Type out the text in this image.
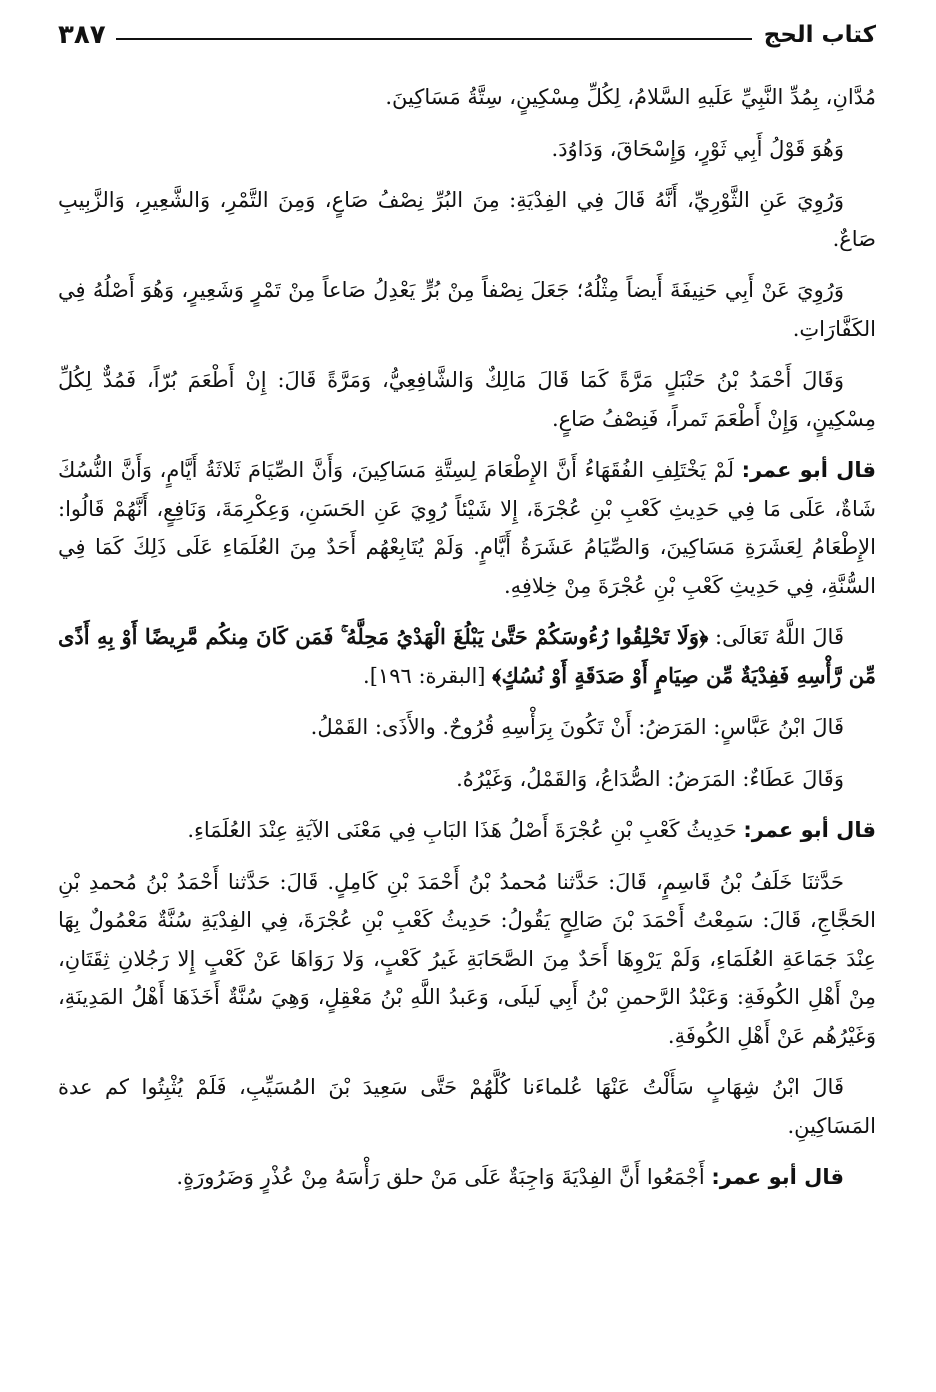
كتاب الحج
٣٨٧

مُدَّانِ، بِمُدِّ النَّبِيِّ عَلَيهِ السَّلامُ، لِكُلِّ مِسْكِينٍ، سِتَّةُ مَسَاكِينَ.

وَهُوَ قَوْلُ أَبِي ثَوْرٍ، وَإِسْحَاقَ، وَدَاوُدَ.

وَرُوِيَ عَنِ الثَّوْرِيِّ، أَنَّهُ قَالَ فِي الفِدْيَةِ: مِنَ البُرِّ نِصْفُ صَاعٍ، وَمِنَ التَّمْرِ، وَالشَّعِيرِ، وَالزَّبِيبِ صَاعٌ.

وَرُوِيَ عَنْ أَبِي حَنِيفَةَ أَيضاً مِثْلُهُ؛ جَعَلَ نِصْفاً مِنْ بُرٍّ يَعْدِلُ صَاعاً مِنْ تَمْرٍ وَشَعِيرٍ، وَهُوَ أَصْلُهُ فِي الكَفَّارَاتِ.

وَقَالَ أَحْمَدُ بْنُ حَنْبَلٍ مَرَّةً كَمَا قَالَ مَالِكٌ وَالشَّافِعِيُّ، وَمَرَّةً قَالَ: إِنْ أَطْعَمَ بُرّاً، فَمُدٌّ لِكُلِّ مِسْكِينٍ، وَإِنْ أَطْعَمَ تَمراً، فَنِصْفُ صَاعٍ.

قال أبو عمر: لَمْ يَخْتَلِفِ الفُقَهَاءُ أَنَّ الإِطْعَامَ لِسِتَّةِ مَسَاكِينَ، وَأَنَّ الصِّيَامَ ثَلاثَةُ أَيَّامٍ، وَأَنَّ النُّسُكَ شَاةٌ، عَلَى مَا فِي حَدِيثِ كَعْبِ بْنِ عُجْرَةَ، إِلا شَيْئاً رُوِيَ عَنِ الحَسَنِ، وَعِكْرِمَةَ، وَنَافِعٍ، أَنَّهُمْ قَالُوا: الإِطْعَامُ لِعَشَرَةِ مَسَاكِينَ، وَالصِّيَامُ عَشَرَةُ أَيَّامٍ. وَلَمْ يُتَابِعْهُم أَحَدٌ مِنَ العُلَمَاءِ عَلَى ذَلِكَ كَمَا فِي السُّنَّةِ، فِي حَدِيثِ كَعْبِ بْنِ عُجْرَةَ مِنْ خِلافِهِ.

قَالَ اللَّهُ تَعَالَى: ﴿وَلَا تَحْلِقُوا رُءُوسَكُمْ حَتَّىٰ يَبْلُغَ الْهَدْيُ مَحِلَّهُ ۚ فَمَن كَانَ مِنكُم مَّرِيضًا أَوْ بِهِ أَذًى مِّن رَّأْسِهِ فَفِدْيَةٌ مِّن صِيَامٍ أَوْ صَدَقَةٍ أَوْ نُسُكٍ﴾ [البقرة: ١٩٦].

قَالَ ابْنُ عَبَّاسٍ: المَرَضُ: أَنْ تَكُونَ بِرَأْسِهِ قُرُوحٌ. والأَذَى: القَمْلُ.

وَقَالَ عَطَاءٌ: المَرَضُ: الصُّدَاعُ، وَالقَمْلُ، وَغَيْرُهُ.

قال أبو عمر: حَدِيثُ كَعْبِ بْنِ عُجْرَةَ أَصْلُ هَذَا البَابِ فِي مَعْنَى الآيَةِ عِنْدَ العُلَمَاءِ.

حَدَّثنَا خَلَفُ بْنُ قَاسِمٍ، قَالَ: حَدَّثنا مُحمدُ بْنُ أَحْمَدَ بْنِ كَامِلٍ. قَالَ: حَدَّثنا أَحْمَدُ بْنُ مُحمدِ بْنِ الحَجَّاجِ، قَالَ: سَمِعْتُ أَحْمَدَ بْنَ صَالِحٍ يَقُولُ: حَدِيثُ كَعْبِ بْنِ عُجْرَةَ، فِي الفِدْيَةِ سُنَّةٌ مَعْمُولٌ بِهَا عِنْدَ جَمَاعَةِ العُلَمَاءِ، وَلَمْ يَرْوِهَا أَحَدٌ مِنَ الصَّحَابَةِ غَيرُ كَعْبٍ، وَلا رَوَاهَا عَنْ كَعْبٍ إِلا رَجُلانِ ثِقَتَانِ، مِنْ أَهْلِ الكُوفَةِ: وَعَبْدُ الرَّحمنِ بْنُ أَبِي لَيلَى، وَعَبدُ اللَّهِ بْنُ مَعْقِلٍ، وَهِيَ سُنَّةٌ أَخَذَهَا أَهْلُ المَدِينَةِ، وَغَيْرُهُم عَنْ أَهْلِ الكُوفَةِ.

قَالَ ابْنُ شِهَابٍ سَأَلْتُ عَنْهَا عُلماءَنا كُلَّهُمْ حَتَّى سَعِيدَ بْنَ المُسَيِّبِ، فَلَمْ يُثْبِتُوا كم عدة المَسَاكِينِ.

قال أبو عمر: أَجْمَعُوا أَنَّ الفِدْيَةَ وَاجِبَةٌ عَلَى مَنْ حلق رَأْسَهُ مِنْ عُذْرٍ وَضَرُورَةٍ.
